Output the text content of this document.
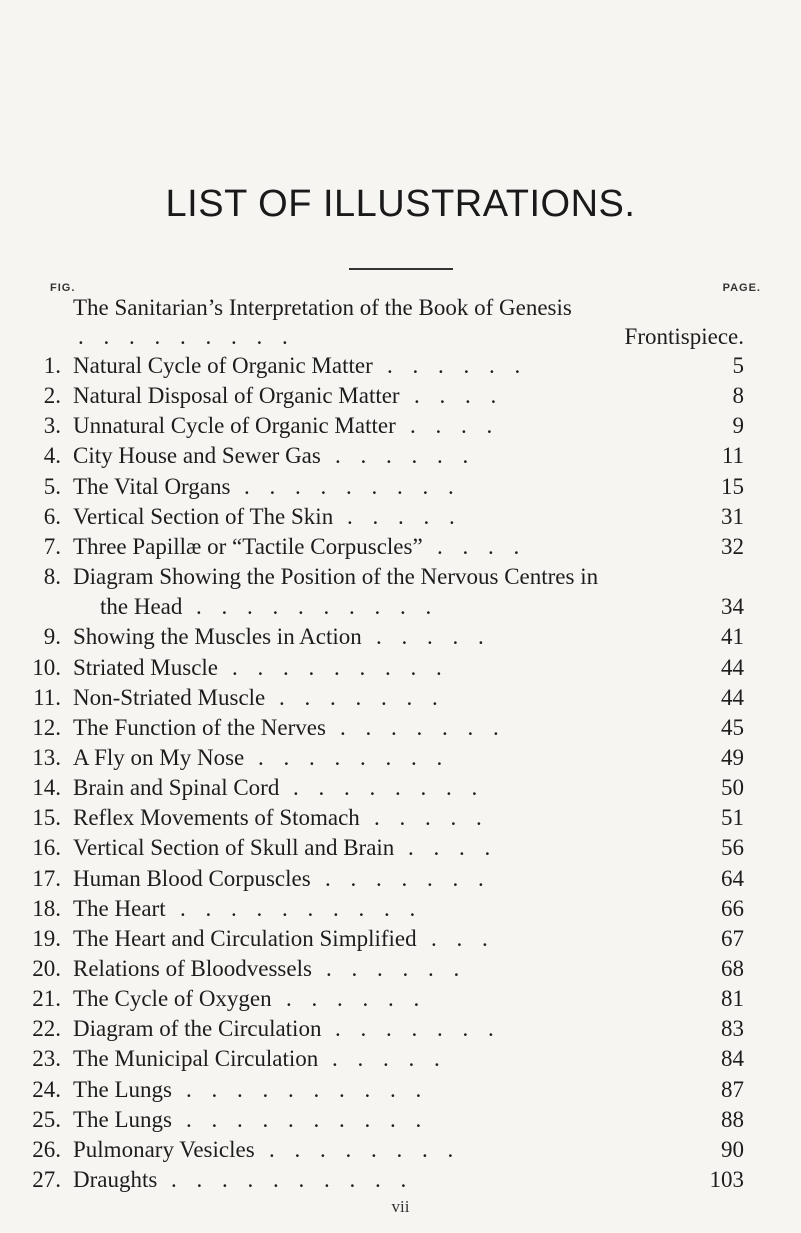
LIST OF ILLUSTRATIONS.
FIG.	PAGE.
The Sanitarian’s Interpretation of the Book of Genesis
. . . . . . . . .	Frontispiece.
1. Natural Cycle of Organic Matter . . . . . .	5
2. Natural Disposal of Organic Matter . . . .	8
3. Unnatural Cycle of Organic Matter . . . .	9
4. City House and Sewer Gas . . . . . .	11
5. The Vital Organs . . . . . . . . .	15
6. Vertical Section of The Skin . . . . .	31
7. Three Papillæ or “Tactile Corpuscles” . . . .	32
8. Diagram Showing the Position of the Nervous Centres in
the Head . . . . . . . . . .	34
9. Showing the Muscles in Action . . . . .	41
10. Striated Muscle . . . . . . . . .	44
11. Non-Striated Muscle . . . . . . .	44
12. The Function of the Nerves . . . . . . .	45
13. A Fly on My Nose . . . . . . . .	49
14. Brain and Spinal Cord . . . . . . . .	50
15. Reflex Movements of Stomach . . . . .	51
16. Vertical Section of Skull and Brain . . . .	56
17. Human Blood Corpuscles . . . . . . .	64
18. The Heart . . . . . . . . . .	66
19. The Heart and Circulation Simplified . . .	67
20. Relations of Bloodvessels . . . . . .	68
21. The Cycle of Oxygen . . . . . .	81
22. Diagram of the Circulation . . . . . . .	83
23. The Municipal Circulation . . . . .	84
24. The Lungs . . . . . . . . . .	87
25. The Lungs . . . . . . . . . .	88
26. Pulmonary Vesicles . . . . . . . .	90
27. Draughts . . . . . . . . . .	103
vii
